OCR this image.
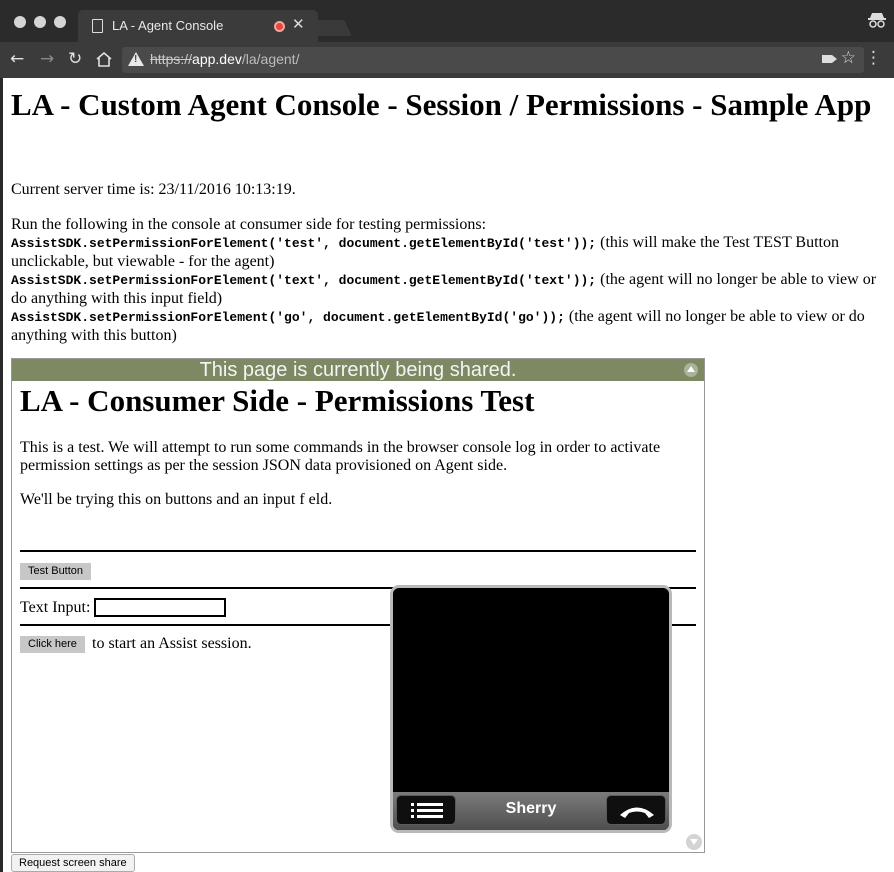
LA - Agent Console	✕
← → ↻
!	https://app.dev/la/agent/	☆ ⋮
LA - Custom Agent Console - Session / Permissions - Sample App

Current server time is: 23/11/2016 10:13:19.

Run the following in the console at consumer side for testing permissions:
AssistSDK.setPermissionForElement('test', document.getElementById('test')); (this will make the Test TEST Button unclickable, but viewable - for the agent)
AssistSDK.setPermissionForElement('text', document.getElementById('text')); (the agent will no longer be able to view or do anything with this input field)
AssistSDK.setPermissionForElement('go', document.getElementById('go')); (the agent will no longer be able to view or do anything with this button)
This page is currently being shared.
LA - Consumer Side - Permissions Test

This is a test. We will attempt to run some commands in the browser console log in order to activate permission settings as per the session JSON data provisioned on Agent side.

We'll be trying this on buttons and an input f eld.

Test Button
Text Input:
Click here to start an Assist session.
Sherry
Request screen share
